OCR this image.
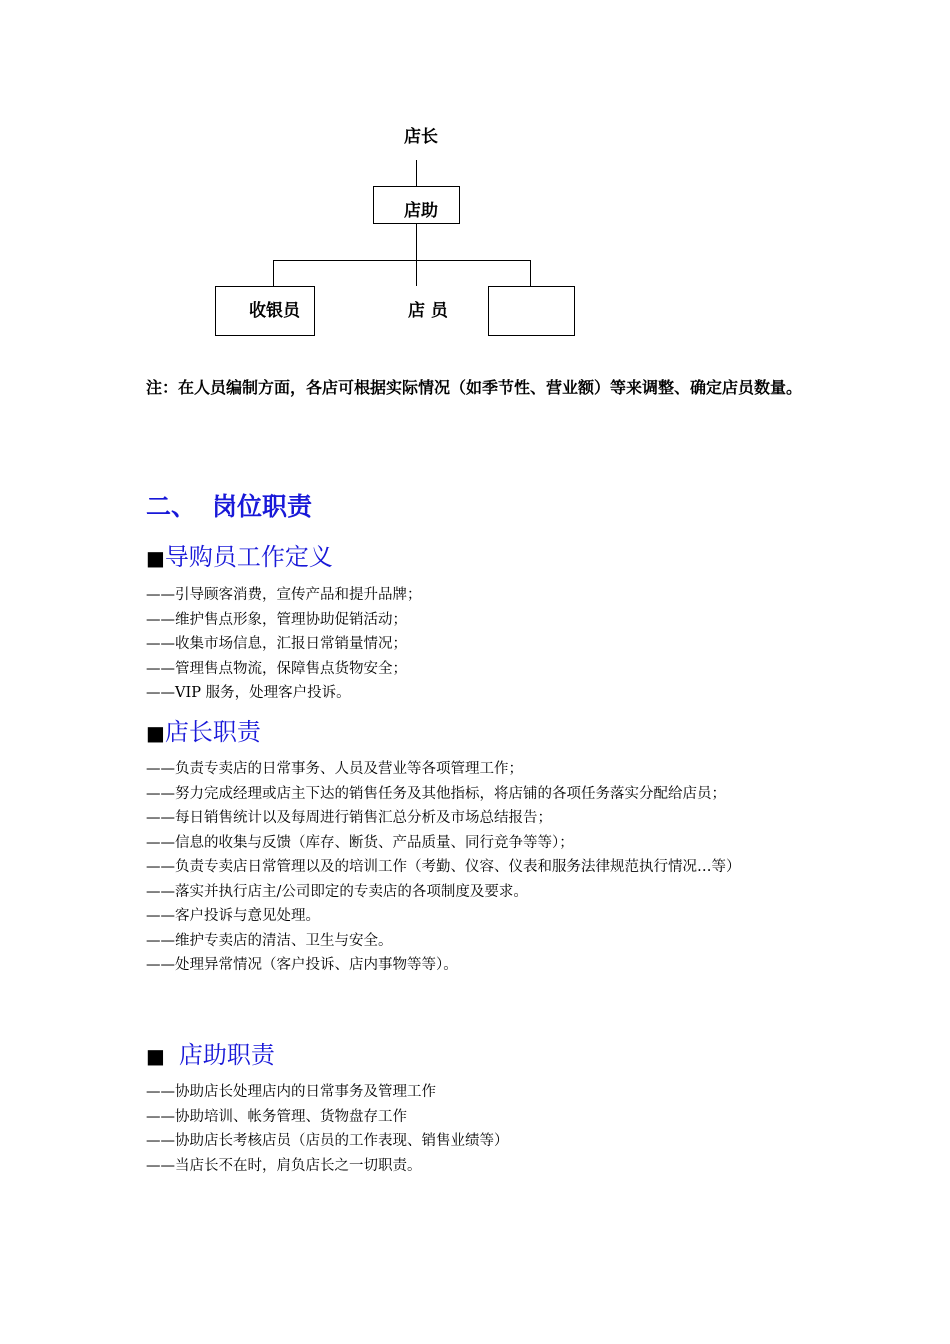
店长
店助
收银员	店 员
注：在人员编制方面，各店可根据实际情况（如季节性、营业额）等来调整、确定店员数量。
二、 岗位职责
■导购员工作定义
——引导顾客消费，宣传产品和提升品牌；
——维护售点形象，管理协助促销活动；
——收集市场信息，汇报日常销量情况；
——管理售点物流，保障售点货物安全；
——VIP 服务，处理客户投诉。
■店长职责
——负责专卖店的日常事务、人员及营业等各项管理工作；
——努力完成经理或店主下达的销售任务及其他指标，将店铺的各项任务落实分配给店员；
——每日销售统计以及每周进行销售汇总分析及市场总结报告；
——信息的收集与反馈（库存、断货、产品质量、同行竞争等等）；
——负责专卖店日常管理以及的培训工作（考勤、仪容、仪表和服务法律规范执行情况…等）
——落实并执行店主/公司即定的专卖店的各项制度及要求。
——客户投诉与意见处理。
——维护专卖店的清洁、卫生与安全。
——处理异常情况（客户投诉、店内事物等等）。
■ 店助职责
——协助店长处理店内的日常事务及管理工作
——协助培训、帐务管理、货物盘存工作
——协助店长考核店员（店员的工作表现、销售业绩等）
——当店长不在时，肩负店长之一切职责。
